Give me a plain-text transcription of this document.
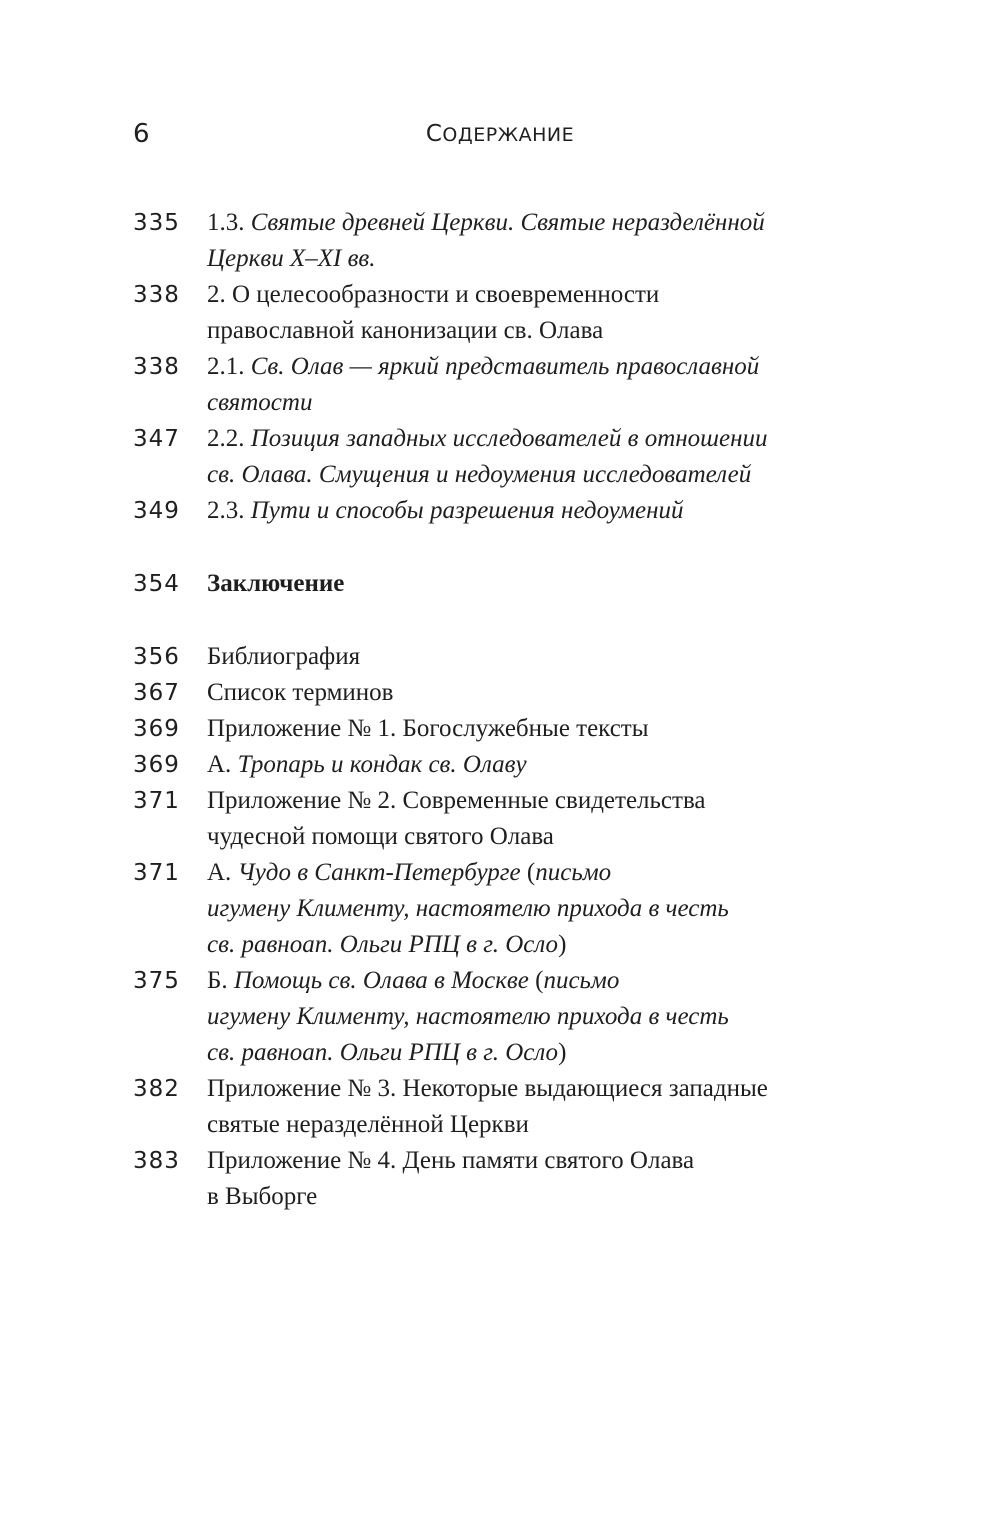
6	СОДЕРЖАНИЕ
335	1.3. Святые древней Церкви. Святые неразделённой
Церкви X–XI вв.
338	2. О целесообразности и своевременности
православной канонизации св. Олава
338	2.1. Св. Олав — яркий представитель православной
святости
347	2.2. Позиция западных исследователей в отношении
св. Олава. Смущения и недоумения исследователей
349	2.3. Пути и способы разрешения недоумений
354	Заключение
356	Библиография
367	Список терминов
369	Приложение № 1. Богослужебные тексты
369	А. Тропарь и кондак св. Олаву
371	Приложение № 2. Современные свидетельства
чудесной помощи святого Олава
371	А. Чудо в Санкт-Петербурге (письмо
игумену Клименту, настоятелю прихода в честь
св. равноап. Ольги РПЦ в г. Осло)
375	Б. Помощь св. Олава в Москве (письмо
игумену Клименту, настоятелю прихода в честь
св. равноап. Ольги РПЦ в г. Осло)
382	Приложение № 3. Некоторые выдающиеся западные
святые неразделённой Церкви
383	Приложение № 4. День памяти святого Олава
в Выборге
